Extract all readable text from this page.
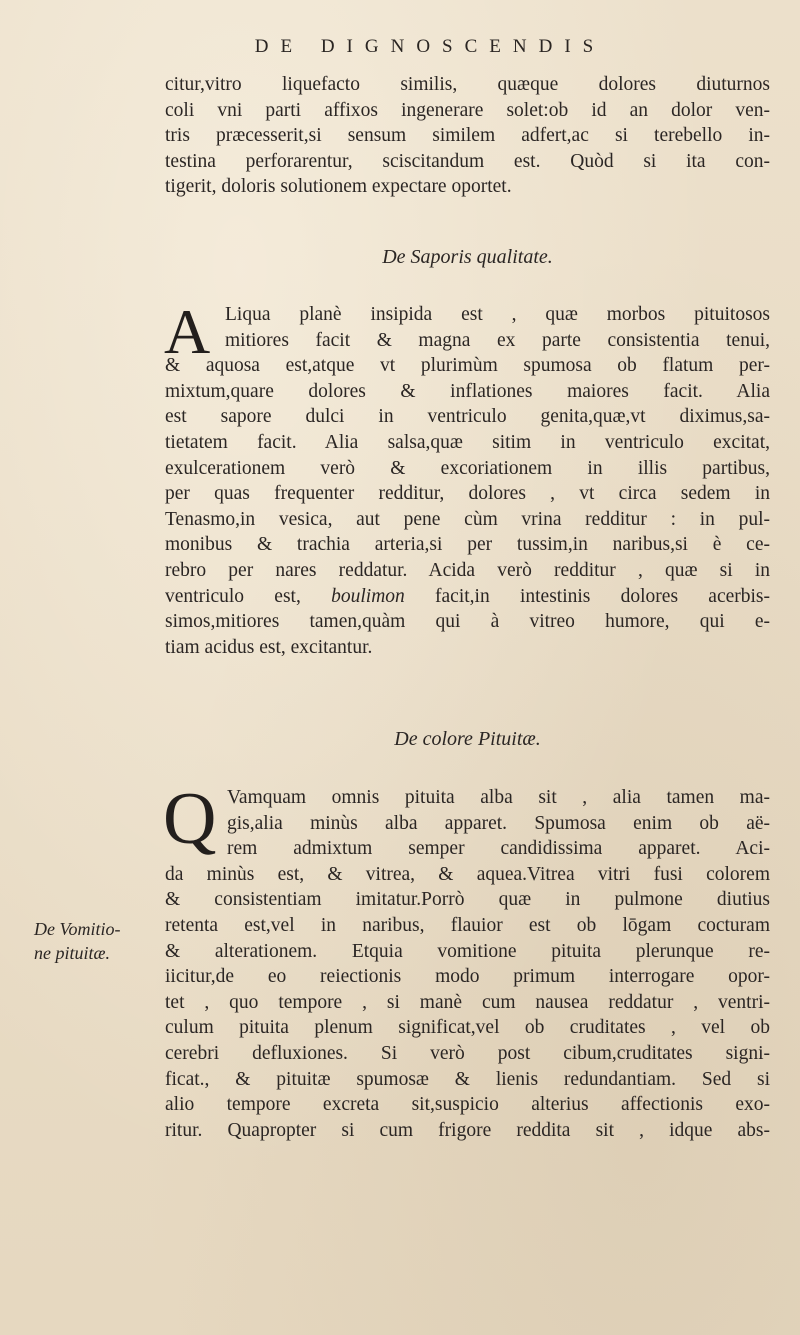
DE DIGNOSCENDIS
citur,vitro liquefacto similis, quæque dolores diuturnos
coli vni parti affixos ingenerare solet:ob id an dolor ven-
tris præcesserit,si sensum similem adfert,ac si terebello in-
testina perforarentur, sciscitandum est. Quòd si ita con-
tigerit, doloris solutionem expectare oportet.
De Saporis qualitate.
A Liqua planè insipida est , quæ morbos pituitosos
mitiores facit & magna ex parte consistentia tenui,
& aquosa est,atque vt plurimùm spumosa ob flatum per-
mixtum,quare dolores & inflationes maiores facit. Alia
est sapore dulci in ventriculo genita,quæ,vt diximus,sa-
tietatem facit. Alia salsa,quæ sitim in ventriculo excitat,
exulcerationem verò & excoriationem in illis partibus,
per quas frequenter redditur, dolores , vt circa sedem in
Tenasmo,in vesica, aut pene cùm vrina redditur : in pul-
monibus & trachia arteria,si per tussim,in naribus,si è ce-
rebro per nares reddatur. Acida verò redditur , quæ si in
ventriculo est, boulimon facit,in intestinis dolores acerbis-
simos,mitiores tamen,quàm qui à vitreo humore, qui e-
tiam acidus est, excitantur.
De colore Pituitæ.
Q Vamquam omnis pituita alba sit , alia tamen ma-
gis,alia minùs alba apparet. Spumosa enim ob aë-
rem admixtum semper candidissima apparet. Aci-
da minùs est, & vitrea, & aquea.Vitrea vitri fusi colorem
& consistentiam imitatur.Porrò quæ in pulmone diutius
retenta est,vel in naribus, flauior est ob lōgam cocturam
& alterationem. Etquia vomitione pituita plerunque re-
iicitur,de eo reiectionis modo primum interrogare opor-
tet , quo tempore , si manè cum nausea reddatur , ventri-
culum pituita plenum significat,vel ob cruditates , vel ob
cerebri defluxiones. Si verò post cibum,cruditates signi-
ficat., & pituitæ spumosæ & lienis redundantiam. Sed si
alio tempore excreta sit,suspicio alterius affectionis exo-
ritur. Quapropter si cum frigore reddita sit , idque abs-
De Vomitio-
ne pituitæ.
